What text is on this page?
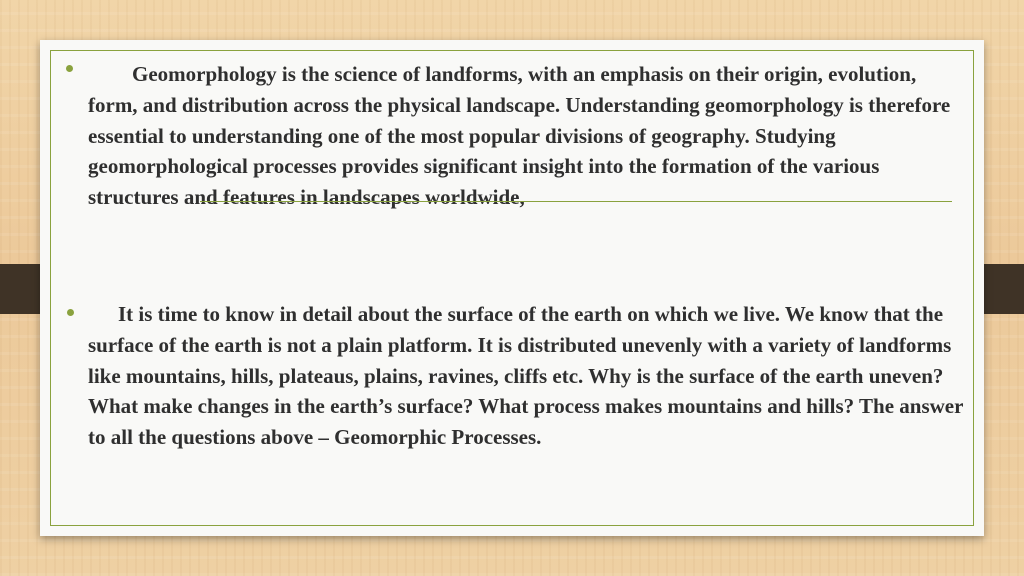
Geomorphology is the science of landforms, with an emphasis on their origin, evolution, form, and distribution across the physical landscape. Understanding geomorphology is therefore essential to understanding one of the most popular divisions of geography. Studying geomorphological processes provides significant insight into the formation of the various structures and features in landscapes worldwide,

It is time to know in detail about the surface of the earth on which we live. We know that the surface of the earth is not a plain platform. It is distributed unevenly with a variety of landforms like mountains, hills, plateaus, plains, ravines, cliffs etc. Why is the surface of the earth uneven? What make changes in the earth’s surface? What process makes mountains and hills? The answer to all the questions above – Geomorphic Processes.
